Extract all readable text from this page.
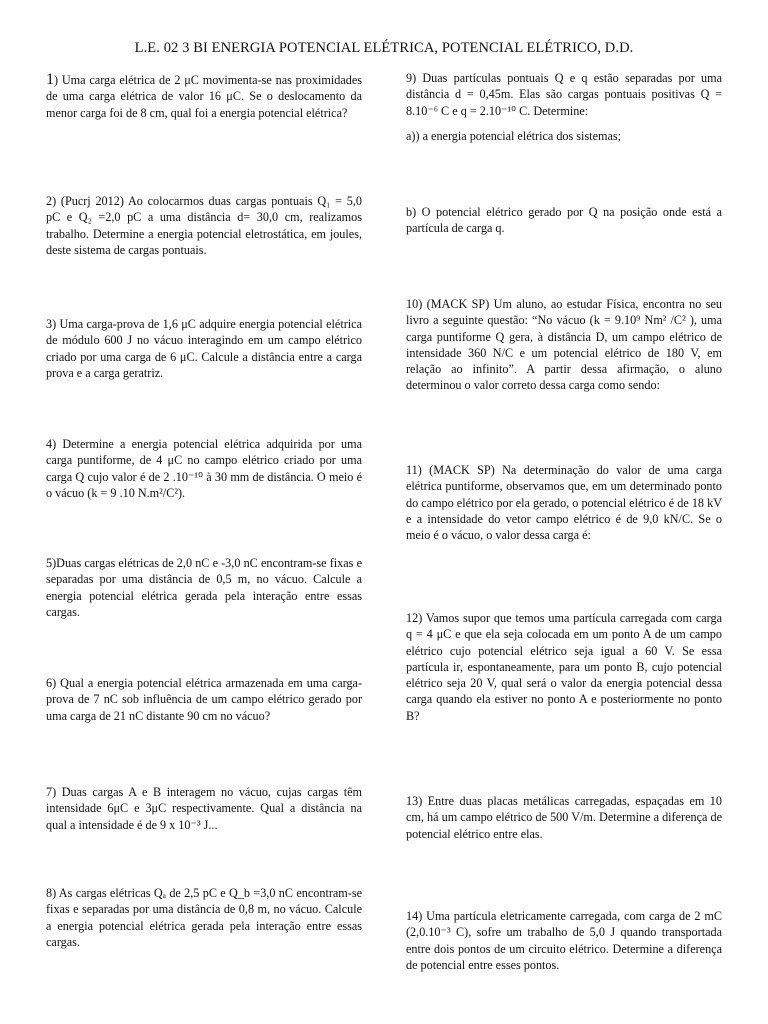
L.E. 02 3 BI ENERGIA POTENCIAL ELÉTRICA, POTENCIAL ELÉTRICO, D.D.

1) Uma carga elétrica de 2 μC movimenta-se nas proximidades de uma carga elétrica de valor 16 μC. Se o deslocamento da menor carga foi de 8 cm, qual foi a energia potencial elétrica?

2) (Pucrj 2012) Ao colocarmos duas cargas pontuais Q₁ = 5,0 pC e Q₂ =2,0 pC a uma distância d= 30,0 cm, realizamos trabalho. Determine a energia potencial eletrostática, em joules, deste sistema de cargas pontuais.

3) Uma carga-prova de 1,6 μC adquire energia potencial elétrica de módulo 600 J no vácuo interagindo em um campo elétrico criado por uma carga de 6 μC. Calcule a distância entre a carga prova e a carga geratriz.

4) Determine a energia potencial elétrica adquirida por uma carga puntiforme, de 4 μC no campo elétrico criado por uma carga Q cujo valor é de 2 .10⁻¹⁰ à 30 mm de distância. O meio é o vácuo (k = 9 .10 N.m²/C²).

5)Duas cargas elétricas de 2,0 nC e -3,0 nC encontram-se fixas e separadas por uma distância de 0,5 m, no vácuo. Calcule a energia potencial elétrica gerada pela interação entre essas cargas.

6) Qual a energia potencial elétrica armazenada em uma carga-prova de 7 nC sob influência de um campo elétrico gerado por uma carga de 21 nC distante 90 cm no vácuo?

7) Duas cargas A e B interagem no vácuo, cujas cargas têm intensidade 6μC e 3μC respectivamente. Qual a distância na qual a intensidade é de 9 x 10⁻³ J...

8) As cargas elétricas Qₐ de 2,5 pC e Q_b =3,0 nC encontram-se fixas e separadas por uma distância de 0,8 m, no vácuo. Calcule a energia potencial elétrica gerada pela interação entre essas cargas.

9) Duas partículas pontuais Q e q estão separadas por uma distância d = 0,45m. Elas são cargas pontuais positivas Q = 8.10⁻⁶ C e q = 2.10⁻¹⁰ C. Determine:

a)) a energia potencial elétrica dos sistemas;

b) O potencial elétrico gerado por Q na posição onde está a partícula de carga q.

10) (MACK SP) Um aluno, ao estudar Física, encontra no seu livro a seguinte questão: “No vácuo (k = 9.10⁹ Nm² /C² ), uma carga puntiforme Q gera, à distância D, um campo elétrico de intensidade 360 N/C e um potencial elétrico de 180 V, em relação ao infinito”. A partir dessa afirmação, o aluno determinou o valor correto dessa carga como sendo:

11) (MACK SP) Na determinação do valor de uma carga elétrica puntiforme, observamos que, em um determinado ponto do campo elétrico por ela gerado, o potencial elétrico é de 18 kV e a intensidade do vetor campo elétrico é de 9,0 kN/C. Se o meio é o vácuo, o valor dessa carga é:

12) Vamos supor que temos uma partícula carregada com carga q = 4 μC e que ela seja colocada em um ponto A de um campo elétrico cujo potencial elétrico seja igual a 60 V. Se essa partícula ir, espontaneamente, para um ponto B, cujo potencial elétrico seja 20 V, qual será o valor da energia potencial dessa carga quando ela estiver no ponto A e posteriormente no ponto B?

13) Entre duas placas metálicas carregadas, espaçadas em 10 cm, há um campo elétrico de 500 V/m. Determine a diferença de potencial elétrico entre elas.

14) Uma partícula eletricamente carregada, com carga de 2 mC (2,0.10⁻³ C), sofre um trabalho de 5,0 J quando transportada entre dois pontos de um circuito elétrico. Determine a diferença de potencial entre esses pontos.
